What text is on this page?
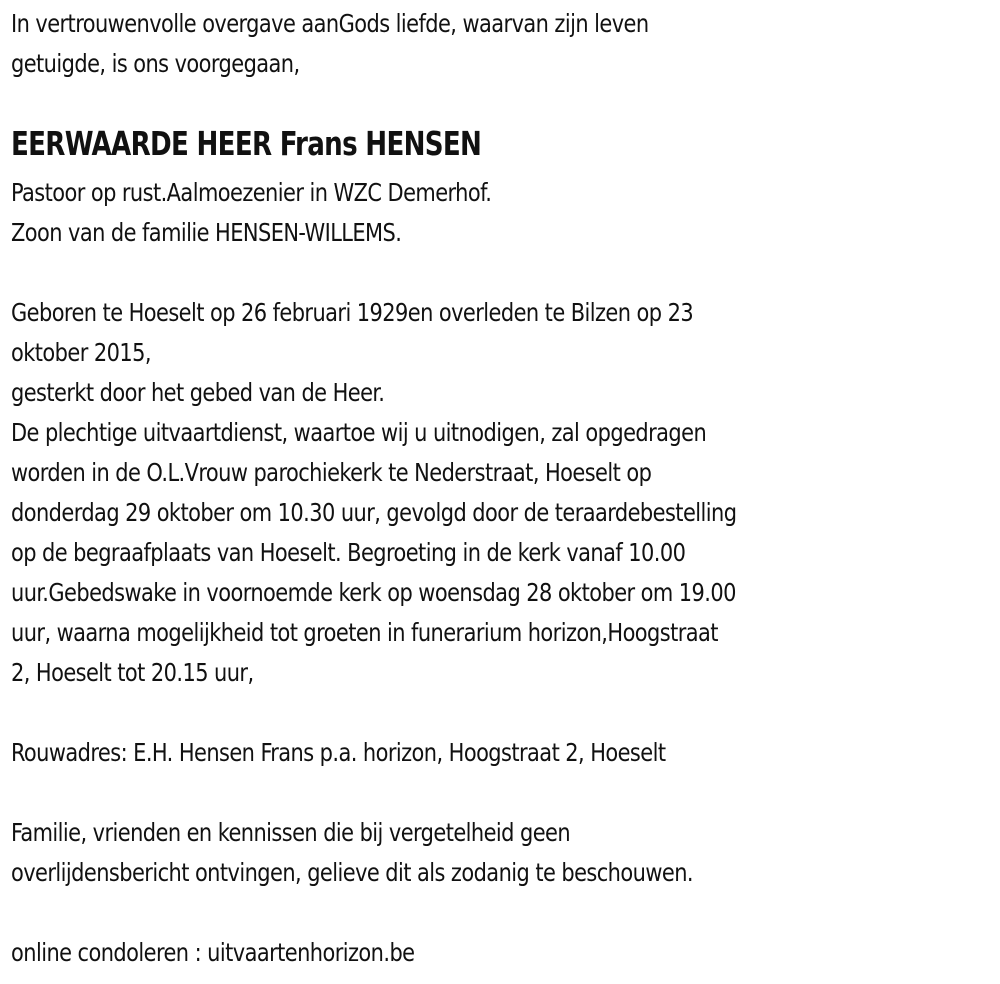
In vertrouwenvolle overgave aanGods liefde, waarvan zijn leven
getuigde, is ons voorgegaan,
EERWAARDE HEER Frans HENSEN
Pastoor op rust.Aalmoezenier in WZC Demerhof.
Zoon van de familie HENSEN-WILLEMS.
Geboren te Hoeselt op 26 februari 1929en overleden te Bilzen op 23
oktober 2015,
gesterkt door het gebed van de Heer.
De plechtige uitvaartdienst, waartoe wij u uitnodigen, zal opgedragen
worden in de O.L.Vrouw parochiekerk te Nederstraat, Hoeselt op
donderdag 29 oktober om 10.30 uur, gevolgd door de teraardebestelling
op de begraafplaats van Hoeselt. Begroeting in de kerk vanaf 10.00
uur.Gebedswake in voornoemde kerk op woensdag 28 oktober om 19.00
uur, waarna mogelijkheid tot groeten in funerarium horizon,Hoogstraat
2, Hoeselt tot 20.15 uur,
Rouwadres: E.H. Hensen Frans p.a. horizon, Hoogstraat 2, Hoeselt
Familie, vrienden en kennissen die bij vergetelheid geen
overlijdensbericht ontvingen, gelieve dit als zodanig te beschouwen.
online condoleren : uitvaartenhorizon.be
